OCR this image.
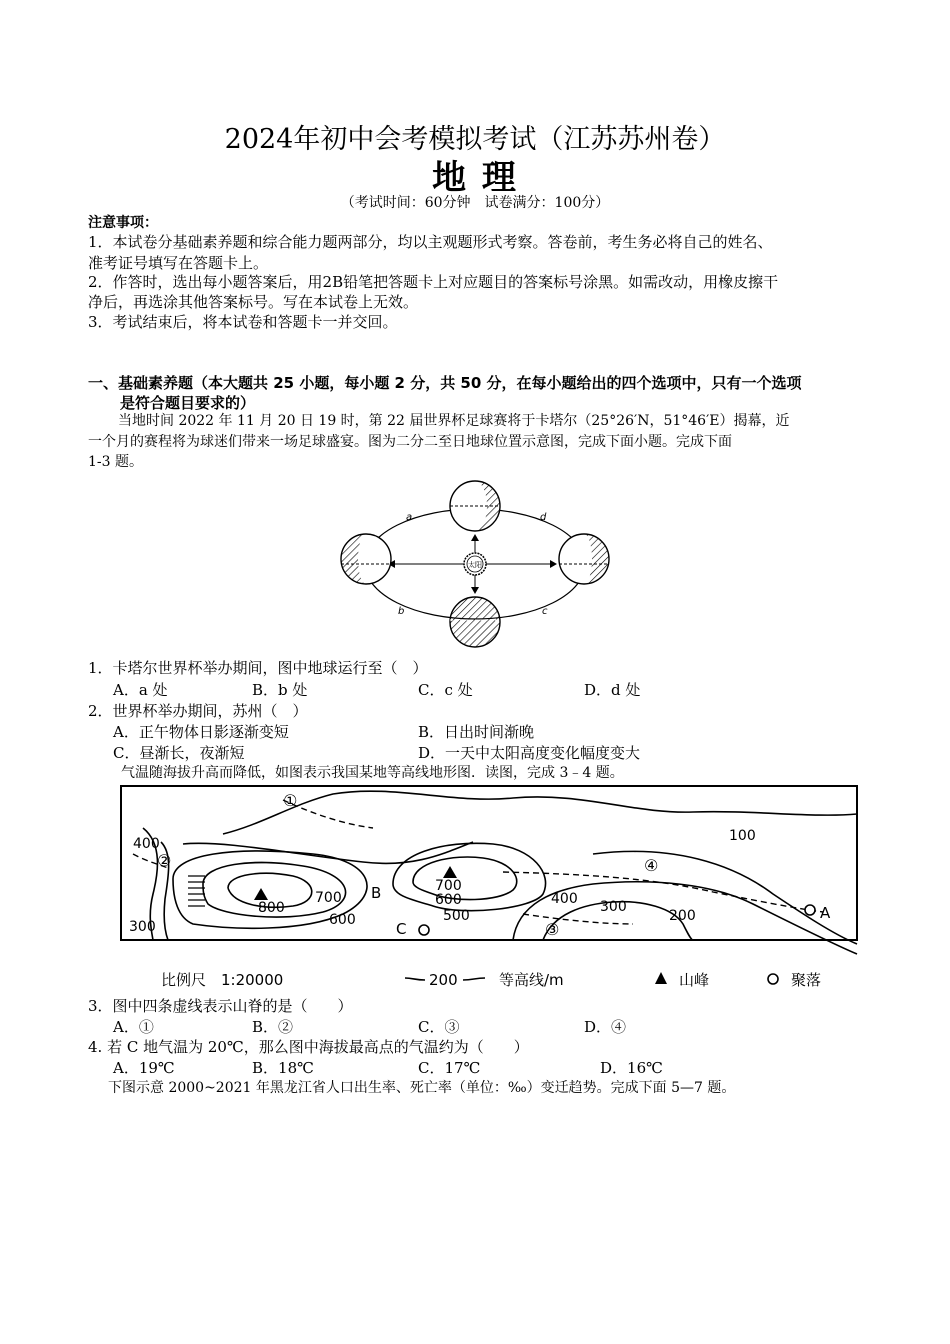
2024年初中会考模拟考试（江苏苏州卷）
地 理
（考试时间：60分钟　试卷满分：100分）
注意事项：
1．本试卷分基础素养题和综合能力题两部分，均以主观题形式考察。答卷前，考生务必将自己的姓名、
准考证号填写在答题卡上。
2．作答时，选出每小题答案后，用2B铅笔把答题卡上对应题目的答案标号涂黑。如需改动，用橡皮擦干
净后，再选涂其他答案标号。写在本试卷上无效。
3．考试结束后，将本试卷和答题卡一并交回。
一、基础素养题（本大题共 25 小题，每小题 2 分，共 50 分，在每小题给出的四个选项中，只有一个选项
是符合题目要求的）
当地时间 2022 年 11 月 20 日 19 时，第 22 届世界杯足球赛将于卡塔尔（25°26′N，51°46′E）揭幕，近
一个月的赛程将为球迷们带来一场足球盛宴。图为二分二至日地球位置示意图，完成下面小题。完成下面
1-3 题。
太阳
a
b	c
d
1．卡塔尔世界杯举办期间，图中地球运行至（　）
A．a 处	B．b 处	C．c 处	D．d 处
2．世界杯举办期间，苏州（　）
A．正午物体日影逐渐变短	B．日出时间渐晚
C．昼渐长，夜渐短	D．一天中太阳高度变化幅度变大
气温随海拔升高而降低，如图表示我国某地等高线地形图．读图，完成 3﹣4 题。
400
300
800
700
600
700
600
500
400 300
200
100
①
②
③
④
A
B
C
比例尺　1:20000	200	等高线/m	山峰	聚落
3．图中四条虚线表示山脊的是（　　）
A．①	B．②	C．③	D．④
4. 若 C 地气温为 20℃，那么图中海拔最高点的气温约为（　　）
A．19℃	B．18℃	C．17℃	D．16℃
下图示意 2000~2021 年黑龙江省人口出生率、死亡率（单位：‰）变迁趋势。完成下面 5—7 题。
